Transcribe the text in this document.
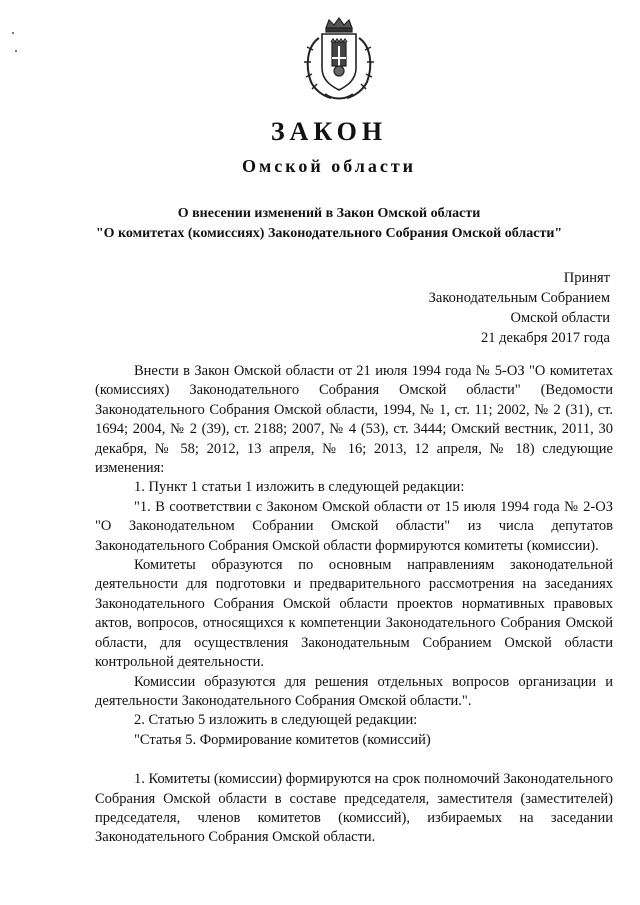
ЗАКОН
Омской области
О внесении изменений в Закон Омской области
"О комитетах (комиссиях) Законодательного Собрания Омской области"
Принят
Законодательным Собранием
Омской области
21 декабря 2017 года

Внести в Закон Омской области от 21 июля 1994 года № 5-ОЗ "О комитетах (комиссиях) Законодательного Собрания Омской области" (Ведомости Законодательного Собрания Омской области, 1994, № 1, ст. 11; 2002, № 2 (31), ст. 1694; 2004, № 2 (39), ст. 2188; 2007, № 4 (53), ст. 3444; Омский вестник, 2011, 30 декабря, № 58; 2012, 13 апреля, № 16; 2013, 12 апреля, № 18) следующие изменения:

1. Пункт 1 статьи 1 изложить в следующей редакции:

"1. В соответствии с Законом Омской области от 15 июля 1994 года № 2-ОЗ "О Законодательном Собрании Омской области" из числа депутатов Законодательного Собрания Омской области формируются комитеты (комиссии).

Комитеты образуются по основным направлениям законодательной деятельности для подготовки и предварительного рассмотрения на заседаниях Законодательного Собрания Омской области проектов нормативных правовых актов, вопросов, относящихся к компетенции Законодательного Собрания Омской области, для осуществления Законодательным Собранием Омской области контрольной деятельности.

Комиссии образуются для решения отдельных вопросов организации и деятельности Законодательного Собрания Омской области.".

2. Статью 5 изложить в следующей редакции:

"Статья 5. Формирование комитетов (комиссий)

1. Комитеты (комиссии) формируются на срок полномочий Законодательного Собрания Омской области в составе председателя, заместителя (заместителей) председателя, членов комитетов (комиссий), избираемых на заседании Законодательного Собрания Омской области.
